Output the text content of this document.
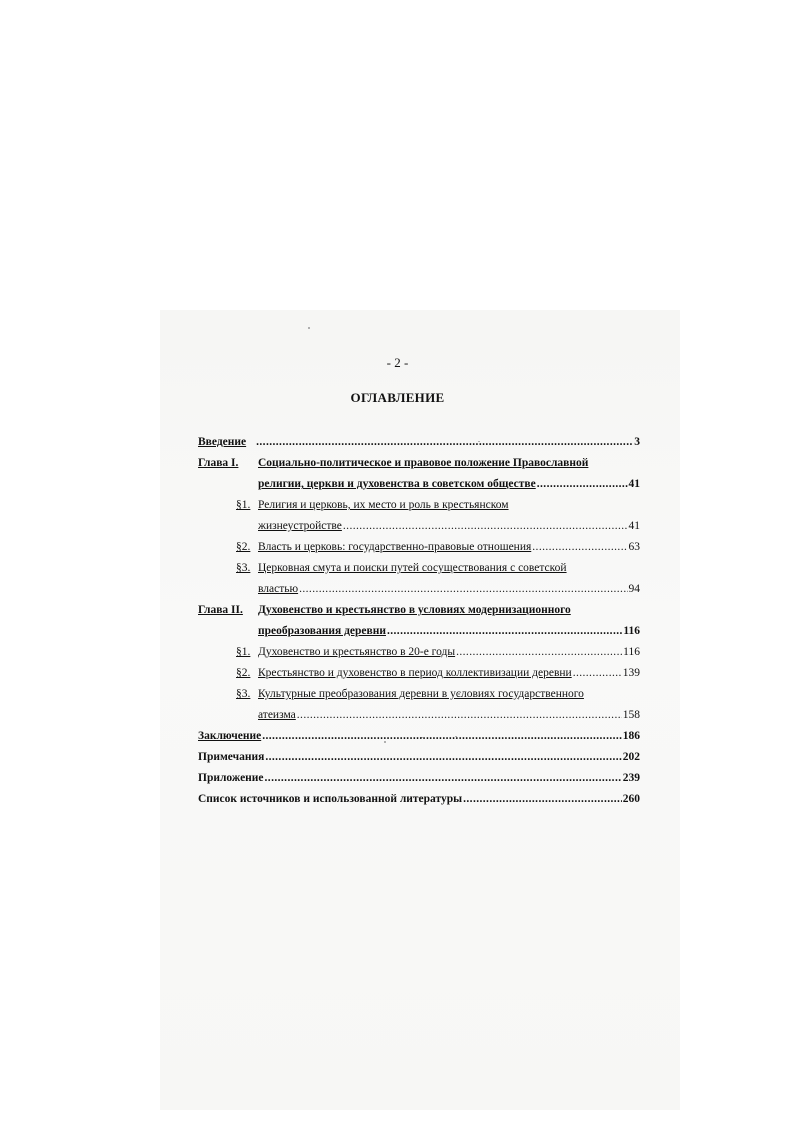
- 2 -
ОГЛАВЛЕНИЕ
Введение .....	3
Глава I. Социально-политическое и правовое положение Православной
религии, церкви и духовенства в советском обществе .....	41
§1. Религия и церковь, их место и роль в крестьянском
жизнеустройстве .....	41
§2. Власть и церковь: государственно-правовые отношения .....	63
§3. Церковная смута и поиски путей сосуществования с советской
властью .....	94
Глава II. Духовенство и крестьянство в условиях модернизационного
преобразования деревни .....	116
§1. Духовенство и крестьянство в 20-е годы .....	116
§2. Крестьянство и духовенство в период коллективизации деревни .....	139
§3. Культурные преобразования деревни в условиях государственного
атеизма .....	158
Заключение .....	186
Примечания .....	202
Приложение .....	239
Список источников и использованной литературы .....	260
